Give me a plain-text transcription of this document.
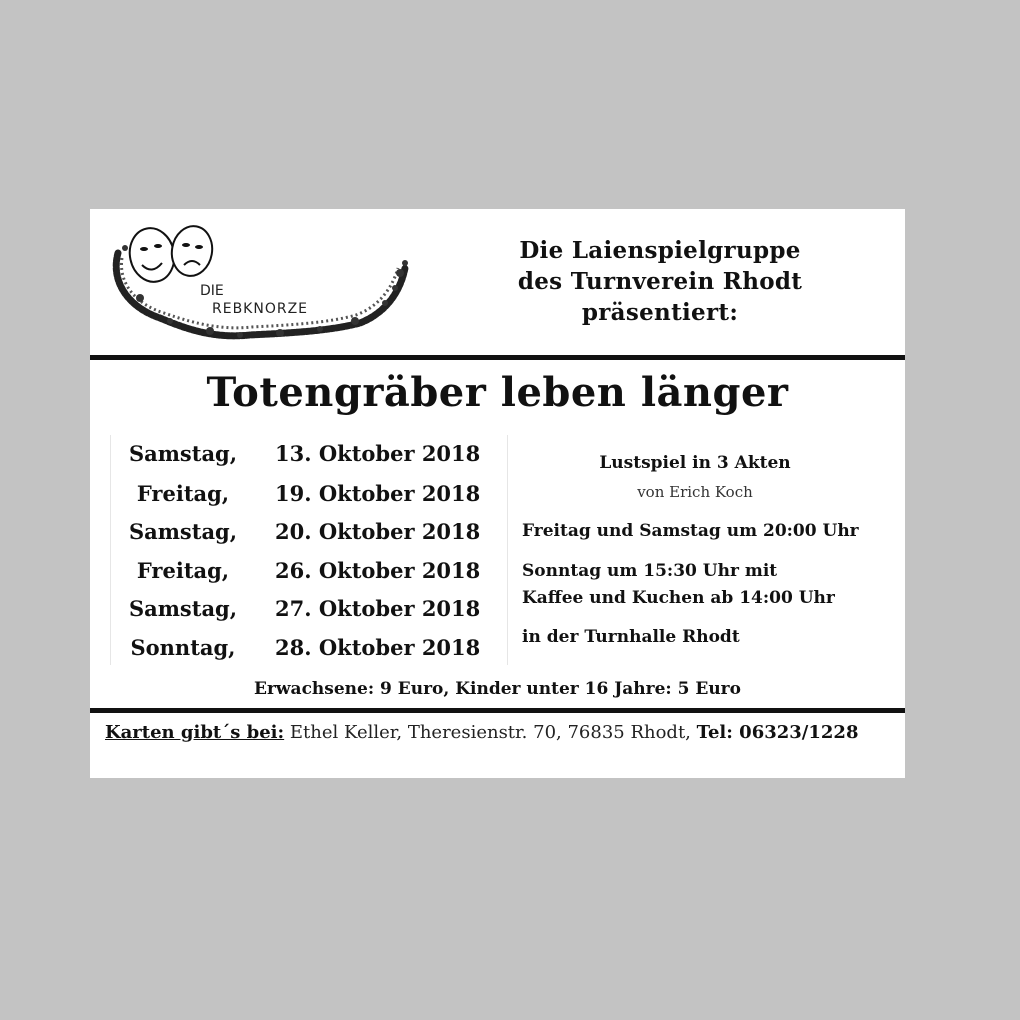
DIE
REBKNORZE
Die Laienspielgruppe
des Turnverein Rhodt
präsentiert:
Totengräber leben länger
Samstag,	13. Oktober 2018
Freitag,	19. Oktober 2018
Samstag,	20. Oktober 2018
Freitag,	26. Oktober 2018
Samstag,	27. Oktober 2018
Sonntag,	28. Oktober 2018
Lustspiel in 3 Akten
von Erich Koch
Freitag und Samstag um 20:00 Uhr
Sonntag um 15:30 Uhr mit
Kaffee und Kuchen ab 14:00 Uhr
in der Turnhalle Rhodt
Erwachsene: 9 Euro, Kinder unter 16 Jahre: 5 Euro
Karten gibt´s bei: Ethel Keller, Theresienstr. 70, 76835 Rhodt, Tel: 06323/1228
